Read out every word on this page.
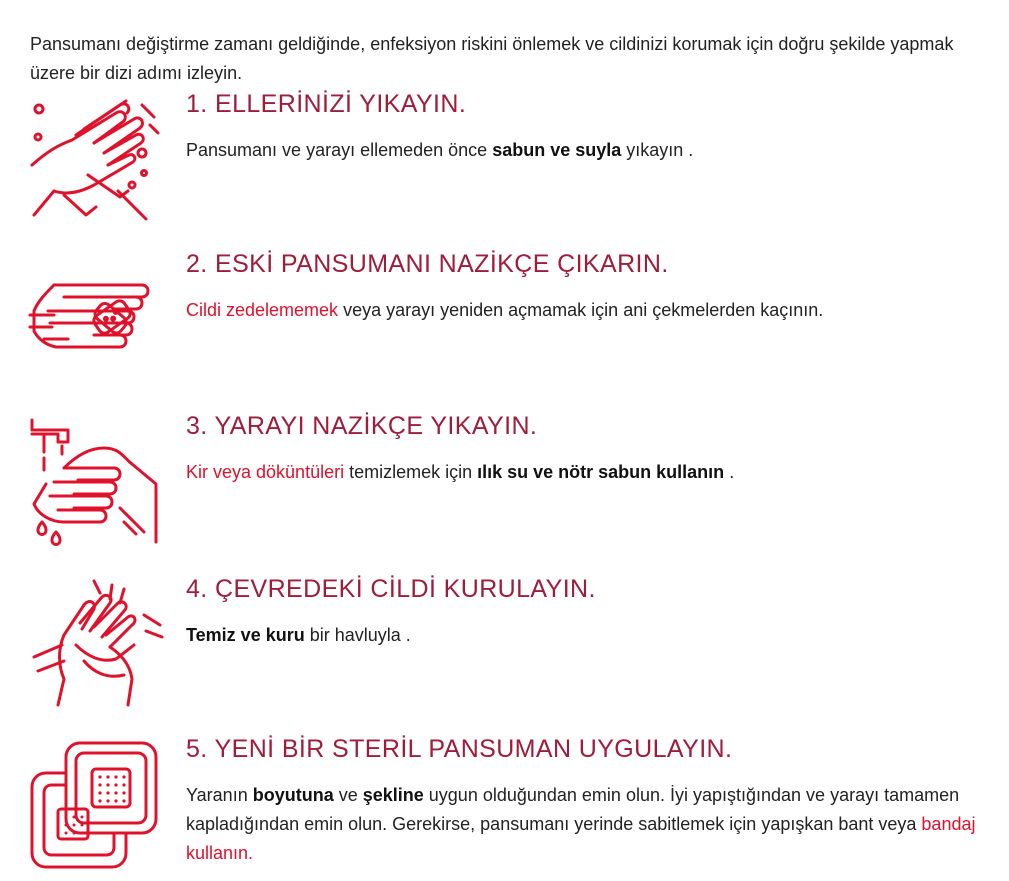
Pansumanı değiştirme zamanı geldiğinde, enfeksiyon riskini önlemek ve cildinizi korumak için doğru şekilde yapmak üzere bir dizi adımı izleyin.

1. ELLERİNİZİ YIKAYIN.

Pansumanı ve yarayı ellemeden önce sabun ve suyla yıkayın .

2. ESKİ PANSUMANI NAZİKÇE ÇIKARIN.

Cildi zedelememek veya yarayı yeniden açmamak için ani çekmelerden kaçının.

3. YARAYI NAZİKÇE YIKAYIN.

Kir veya döküntüleri temizlemek için ılık su ve nötr sabun kullanın .

4. ÇEVREDEKİ CİLDİ KURULAYIN.

Temiz ve kuru bir havluyla .

5. YENİ BİR STERİL PANSUMAN UYGULAYIN.

Yaranın boyutuna ve şekline uygun olduğundan emin olun. İyi yapıştığından ve yarayı tamamen kapladığından emin olun. Gerekirse, pansumanı yerinde sabitlemek için yapışkan bant veya bandaj kullanın.
